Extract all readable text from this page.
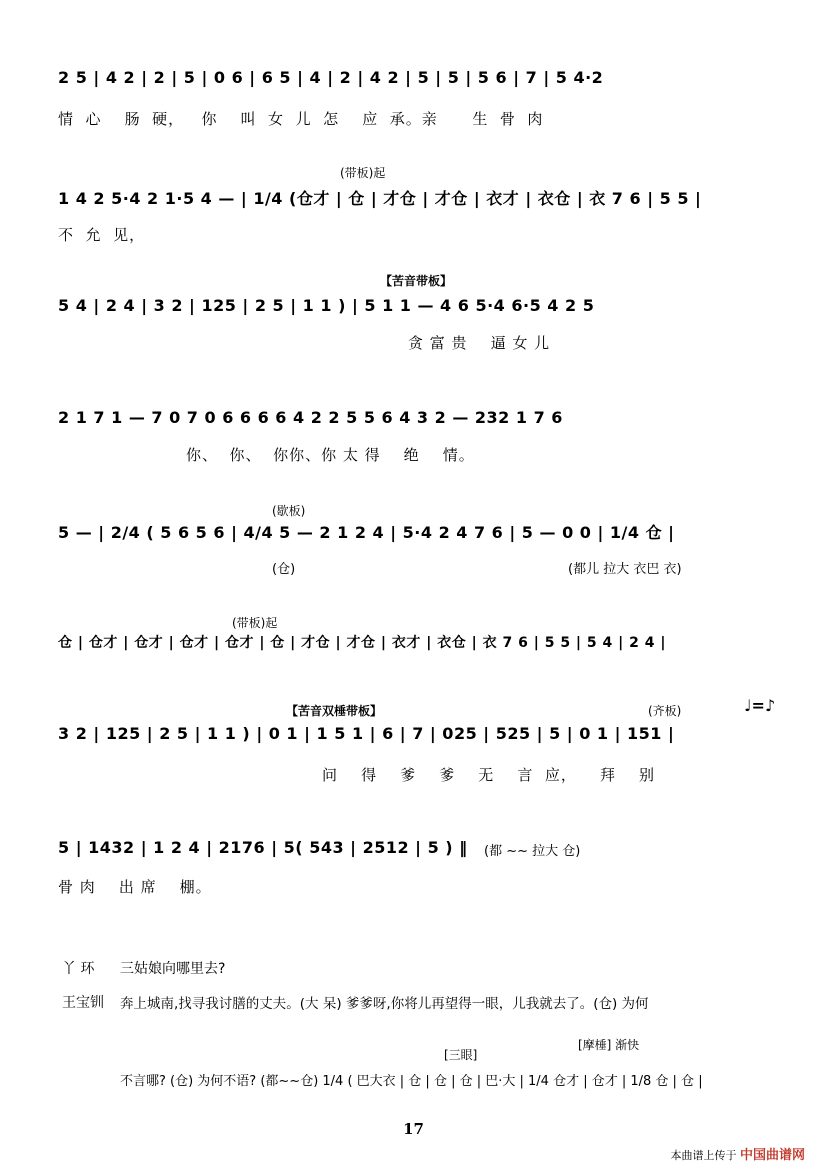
2 5 | 4 2 | 2 | 5 | 0 6 | 6 5 | 4 | 2 | 4 2 | 5 | 5 | 5 6 | 7 | 5 4·2
情  心    肠  硬，   你    叫  女  儿  怎    应  承。亲      生  骨  肉
(带板)起
1 4 2 5·4 2 1·5 4 — | 1/4 (仓才 | 仓 | 才仓 | 才仓 | 衣才 | 衣仓 | 衣 7 6 | 5 5 |
不  允  见，
【苦音带板】
5 4 | 2 4 | 3 2 | 125 | 2 5 | 1 1 ) | 5 1 1 — 4 6 5·4 6·5 4 2 5
贪 富 贵    逼 女 儿
2 1 7 1 — 7 0 7 0 6 6 6 6 4 2 2 5 5 6 4 3 2 — 232 1 7 6
你、  你、  你你、你 太 得    绝    情。
(歇板)
5 — | 2/4 ( 5 6 5 6 | 4/4 5 — 2 1 2 4 | 5·4 2 4 7 6 | 5 — 0 0 | 1/4 仓 |
(仓)	(都儿 拉大 衣巴 衣)
(带板)起
仓 | 仓才 | 仓才 | 仓才 | 仓才 | 仓 | 才仓 | 才仓 | 衣才 | 衣仓 | 衣 7 6 | 5 5 | 5 4 | 2 4 |
【苦音双棰带板】	(齐板)	♩=♪
3 2 | 125 | 2 5 | 1 1 ) | 0 1 | 1 5 1 | 6 | 7 | 025 | 525 | 5 | 0 1 | 151 |
问    得    爹    爹    无    言  应，    拜    别
5 | 1432 | 1 2 4 | 2176 | 5( 543 | 2512 | 5 ) ‖	(都 ~~ 拉大 仓)
骨 肉    出 席    棚。
丫 环 三姑娘向哪里去?
王宝钏 奔上城南,找寻我讨膳的丈夫。(大 呆) 爹爹呀,你将儿再望得一眼，儿我就去了。(仓) 为何
[三眼]
[摩棰] 渐快
不言哪? (仓) 为何不语? (都~~仓) 1/4 ( 巴大衣 | 仓 | 仓 | 仓 | 巴·大 | 1/4 仓才 | 仓才 | 1/8 仓 | 仓 |
17
本曲谱上传于 中国曲谱网
